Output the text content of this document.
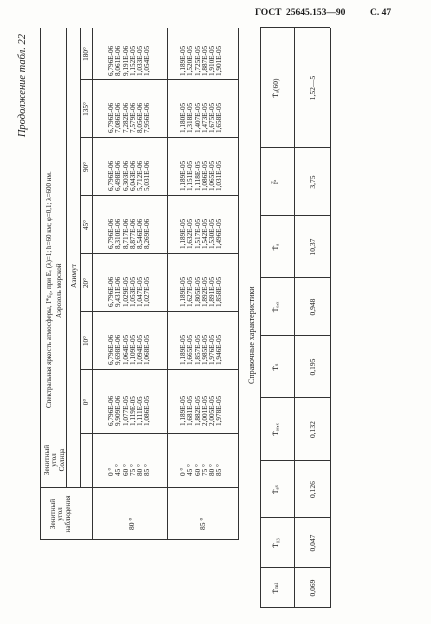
ГОСТ 25645.153—90	С. 47
Продолжение табл. 22
Спектральная яркость атмосферы, I*ε₀, при Eᵥ (λ)=1; h=60 км; φ=0,1; λ=600 нм. Аэрозоль морской
Зенитный угол наблюдения
Зенитный угол Солнца
Азимут
0°
10°
20°
45°
90°
135°
180°
80 °
0 ° 45 ° 60 ° 75 ° 80 ° 85 °
6,796E-06 9,909E-06 1,077E-05 1,119E-05 1,111E-05 1,086E-05
6,796E-06 9,698E-06 1,064E-05 1,109E-05 1,094E-05 1,068E-05
6,796E-06 9,431E-06 1,029E-05 1,053E-05 1,047E-05 1,027E-05
6,796E-06 8,310E-06 8,717E-06 8,877E-06 8,546E-06 8,269E-06
6,796E-06 6,498E-06 6,303E-06 6,043E-06 5,712E-06 5,031E-06
6,796E-06 7,086E-06 7,282E-06 7,579E-06 8,056E-06 7,956E-06
6,796E-06 8,061E-06 9,191E-06 1,152E-05 1,033E-05 1,054E-05
85 °
0 ° 45 ° 60 ° 75 ° 80 ° 85 °
1,189E-05 1,681E-05 1,882E-05 2,001E-05 2,005E-05 1,978E-05
1,189E-05 1,665E-05 1,857E-05 1,985E-05 1,976E-05 1,946E-05
1,189E-05 1,627E-05 1,805E-05 1,892E-05 1,891E-05 1,858E-05
1,189E-05 1,632E-05 1,517E-05 1,542E-05 1,530E-05 1,496E-05
1,189E-05 1,151E-05 1,118E-05 1,086E-05 1,065E-05 1,031E-05
1,180E-05 1,318E-05 1,407E-05 1,473E-05 1,675E-05 1,658E-05
1,189E-05 1,520E-05 1,725E-05 1,887E-05 1,910E-05 1,901E-05
Справочные характеристики
T̄ₘₗ
T̄₀₃
T̄ₐₛ
T̄ₐₑ,ₓ
T̄ₛ
T̄ₑ,ₓ
T̄ₐ
f̄ᵃ
T̄ₐ(60)
0,069
0,047
0,126
0,132
0,195
0,948
10,37
3,75
1,52—5
